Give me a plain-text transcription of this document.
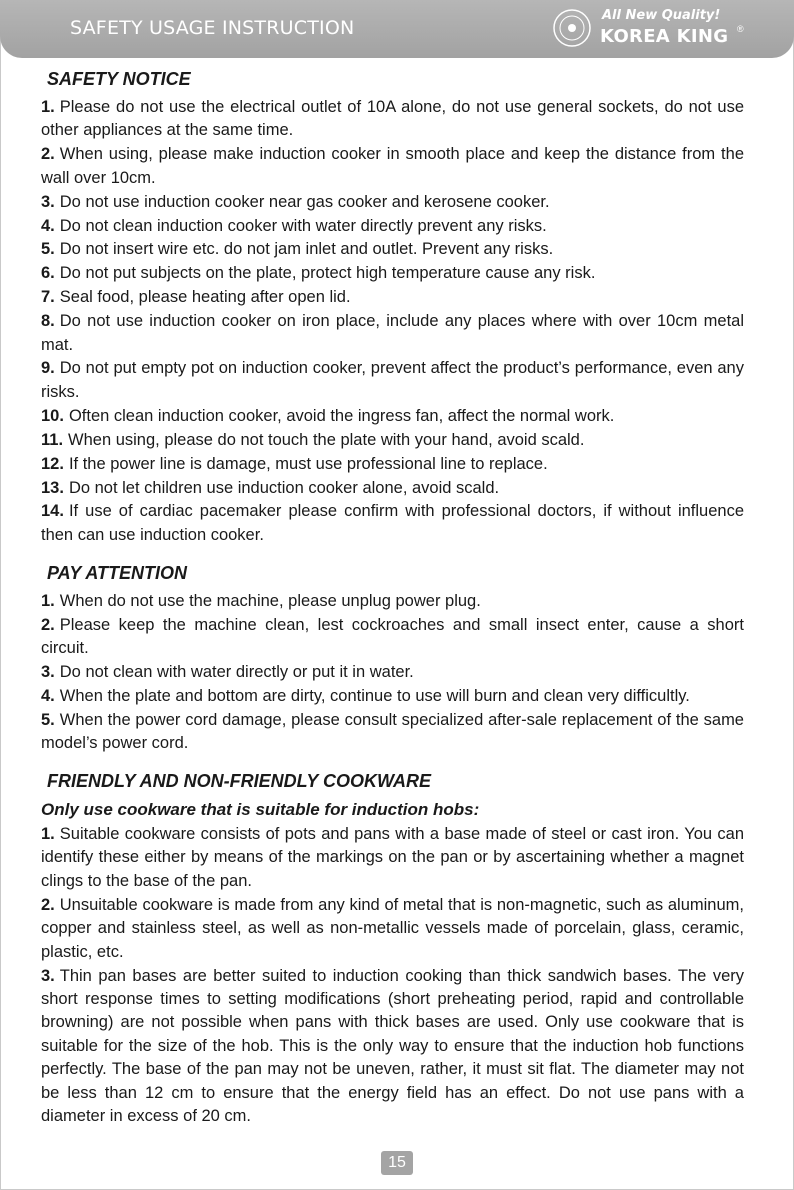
SAFETY USAGE INSTRUCTION
All New Quality!
KOREA KING ®
SAFETY NOTICE
1. Please do not use the electrical outlet of 10A alone, do not use general sockets, do not use other appliances at the same time.
2. When using, please make induction cooker in smooth place and keep the distance from the wall over 10cm.
3. Do not use induction cooker near gas cooker and kerosene cooker.
4. Do not clean induction cooker with water directly prevent any risks.
5. Do not insert wire etc. do not jam inlet and outlet. Prevent any risks.
6. Do not put subjects on the plate, protect high temperature cause any risk.
7. Seal food, please heating after open lid.
8. Do not use induction cooker on iron place, include any places where with over 10cm metal mat.
9. Do not put empty pot on induction cooker, prevent affect the product’s performance, even any risks.
10. Often clean induction cooker, avoid the ingress fan, affect the normal work.
11. When using, please do not touch the plate with your hand, avoid scald.
12. If the power line is damage, must use professional line to replace.
13. Do not let children use induction cooker alone, avoid scald.
14. If use of cardiac pacemaker please confirm with professional doctors, if without influence then can use induction cooker.
PAY ATTENTION
1. When do not use the machine, please unplug power plug.
2. Please keep the machine clean, lest cockroaches and small insect enter, cause a short circuit.
3. Do not clean with water directly or put it in water.
4. When the plate and bottom are dirty, continue to use will burn and clean very difficultly.
5. When the power cord damage, please consult specialized after-sale replacement of the same model’s power cord.
FRIENDLY AND NON-FRIENDLY COOKWARE
Only use cookware that is suitable for induction hobs:
1. Suitable cookware consists of pots and pans with a base made of steel or cast iron. You can identify these either by means of the markings on the pan or by ascertaining whether a magnet clings to the base of the pan.
2. Unsuitable cookware is made from any kind of metal that is non-magnetic, such as aluminum, copper and stainless steel, as well as non-metallic vessels made of porcelain, glass, ceramic, plastic, etc.
3. Thin pan bases are better suited to induction cooking than thick sandwich bases. The very short response times to setting modifications (short preheating period, rapid and controllable browning) are not possible when pans with thick bases are used. Only use cookware that is suitable for the size of the hob. This is the only way to ensure that the induction hob functions perfectly. The base of the pan may not be uneven, rather, it must sit flat. The diameter may not be less than 12 cm to ensure that the energy field has an effect. Do not use pans with a diameter in excess of 20 cm.
15
